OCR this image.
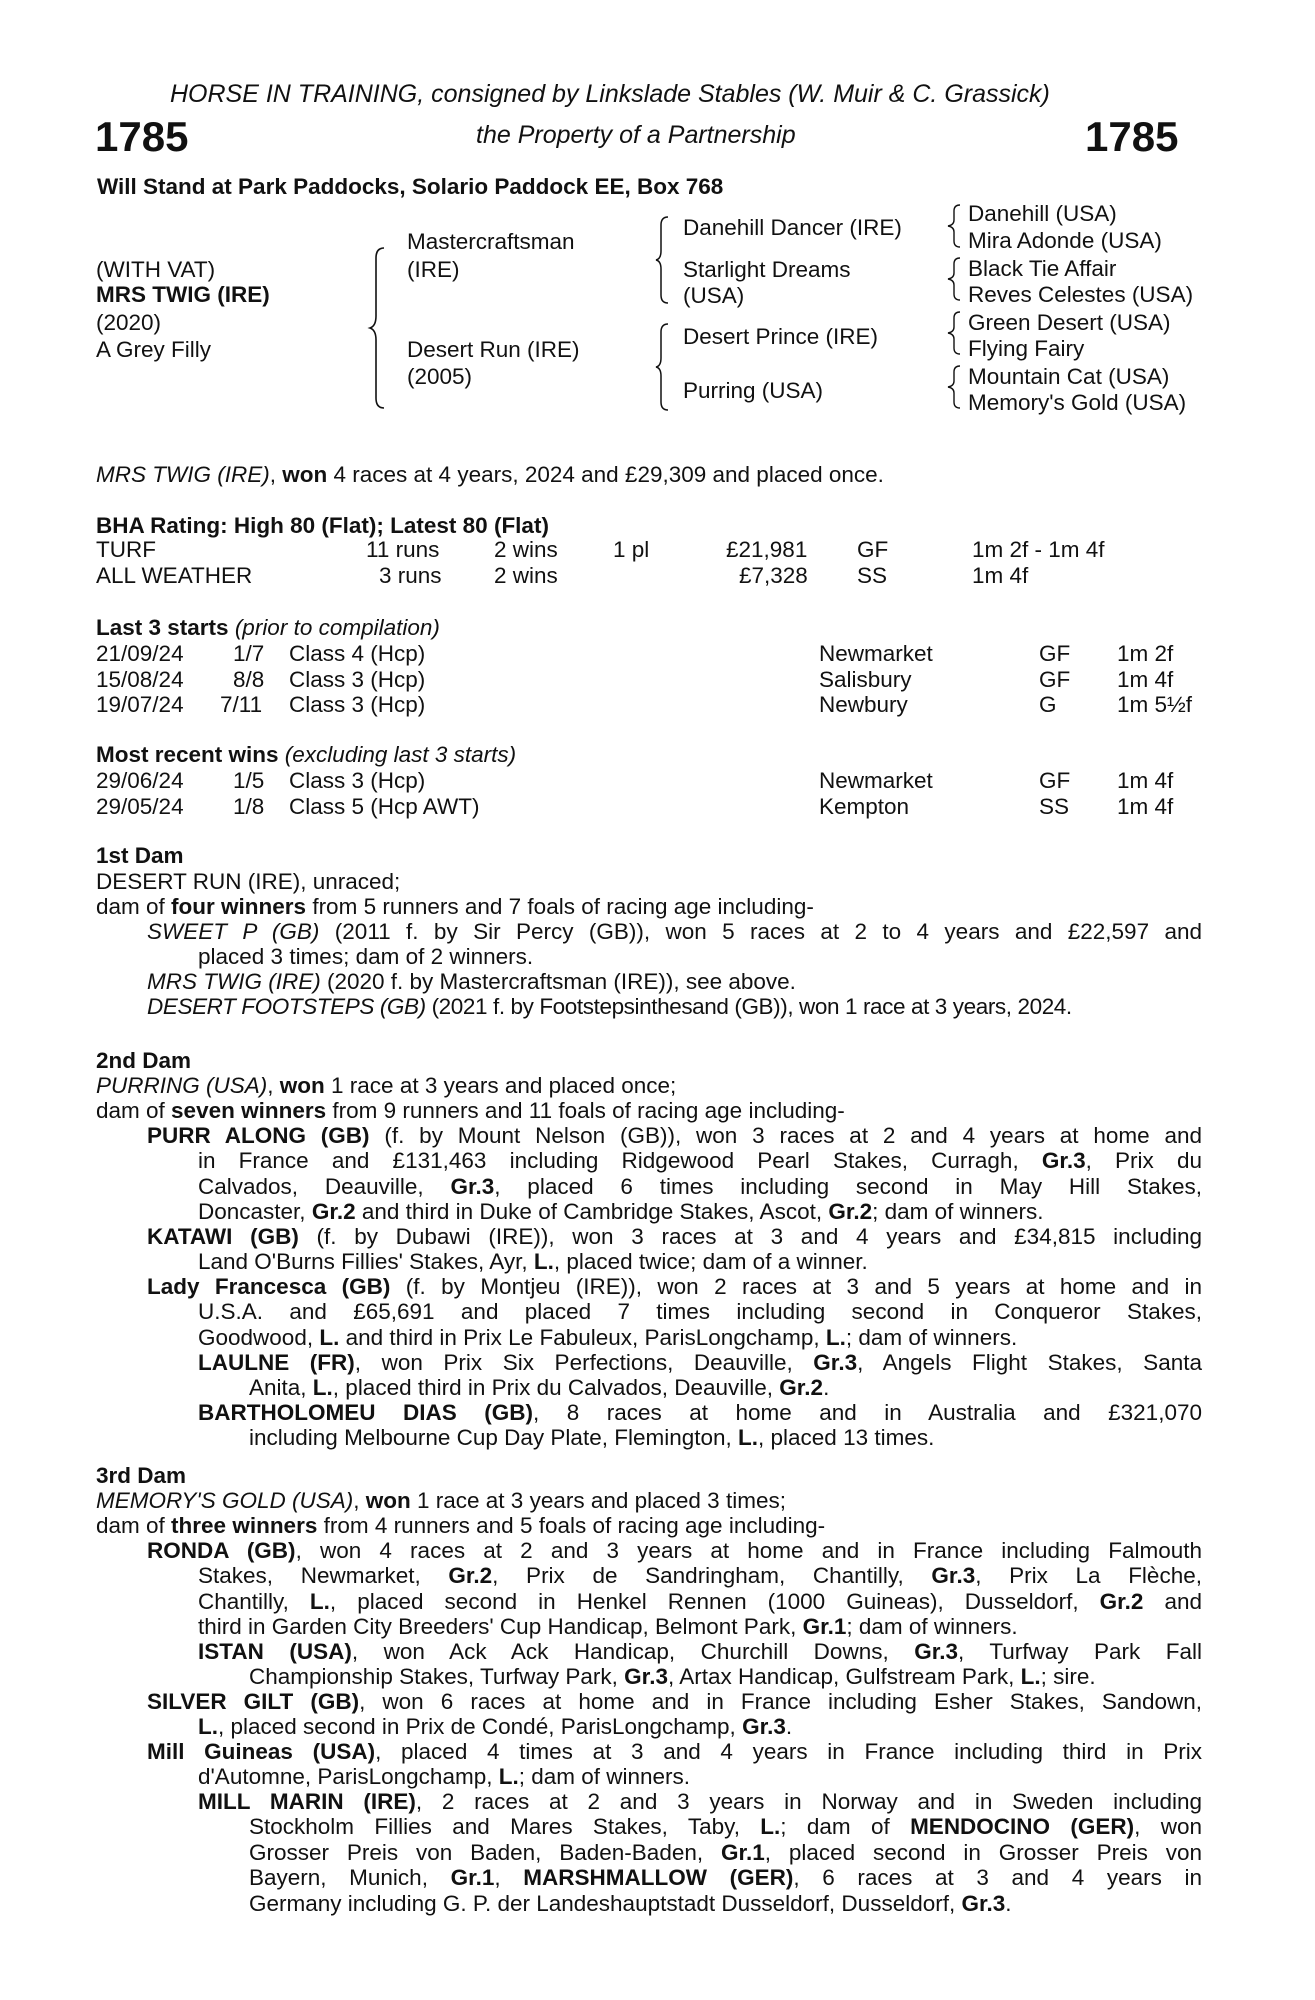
HORSE IN TRAINING, consigned by Linkslade Stables (W. Muir & C. Grassick)
1785	the Property of a Partnership	1785
Will Stand at Park Paddocks, Solario Paddock EE, Box 768
(WITH VAT)
MRS TWIG (IRE)
(2020)
A Grey Filly
Mastercraftsman
(IRE)
Desert Run (IRE)
(2005)
Danehill Dancer (IRE)
Starlight Dreams
(USA)
Desert Prince (IRE)
Purring (USA)
Danehill (USA)
Mira Adonde (USA)
Black Tie Affair
Reves Celestes (USA)
Green Desert (USA)
Flying Fairy
Mountain Cat (USA)
Memory's Gold (USA)
MRS TWIG (IRE), won 4 races at 4 years, 2024 and £29,309 and placed once.
BHA Rating: High 80 (Flat); Latest 80 (Flat)
TURF	11 runs 2 wins 1 pl	£21,981 GF	1m 2f - 1m 4f
ALL WEATHER	3 runs 2 wins	£7,328 SS	1m 4f
Last 3 starts (prior to compilation)
21/09/24 1/7 Class 4 (Hcp)	Newmarket	GF 1m 2f
15/08/24 8/8 Class 3 (Hcp)	Salisbury	GF 1m 4f
19/07/24 7/11 Class 3 (Hcp)	Newbury	G	1m 5½f
Most recent wins (excluding last 3 starts)
29/06/24 1/5 Class 3 (Hcp)	Newmarket	GF 1m 4f
29/05/24 1/8 Class 5 (Hcp AWT)	Kempton	SS 1m 4f
1st Dam
DESERT RUN (IRE), unraced;
dam of four winners from 5 runners and 7 foals of racing age including-
SWEET P (GB) (2011 f. by Sir Percy (GB)), won 5 races at 2 to 4 years and £22,597 and
placed 3 times; dam of 2 winners.
MRS TWIG (IRE) (2020 f. by Mastercraftsman (IRE)), see above.
DESERT FOOTSTEPS (GB) (2021 f. by Footstepsinthesand (GB)), won 1 race at 3 years, 2024.
2nd Dam
PURRING (USA), won 1 race at 3 years and placed once;
dam of seven winners from 9 runners and 11 foals of racing age including-
PURR ALONG (GB) (f. by Mount Nelson (GB)), won 3 races at 2 and 4 years at home and
in France and £131,463 including Ridgewood Pearl Stakes, Curragh, Gr.3, Prix du
Calvados, Deauville, Gr.3, placed 6 times including second in May Hill Stakes,
Doncaster, Gr.2 and third in Duke of Cambridge Stakes, Ascot, Gr.2; dam of winners.
KATAWI (GB) (f. by Dubawi (IRE)), won 3 races at 3 and 4 years and £34,815 including
Land O'Burns Fillies' Stakes, Ayr, L., placed twice; dam of a winner.
Lady Francesca (GB) (f. by Montjeu (IRE)), won 2 races at 3 and 5 years at home and in
U.S.A. and £65,691 and placed 7 times including second in Conqueror Stakes,
Goodwood, L. and third in Prix Le Fabuleux, ParisLongchamp, L.; dam of winners.
LAULNE (FR), won Prix Six Perfections, Deauville, Gr.3, Angels Flight Stakes, Santa
Anita, L., placed third in Prix du Calvados, Deauville, Gr.2.
BARTHOLOMEU DIAS (GB), 8 races at home and in Australia and £321,070
including Melbourne Cup Day Plate, Flemington, L., placed 13 times.
3rd Dam
MEMORY'S GOLD (USA), won 1 race at 3 years and placed 3 times;
dam of three winners from 4 runners and 5 foals of racing age including-
RONDA (GB), won 4 races at 2 and 3 years at home and in France including Falmouth
Stakes, Newmarket, Gr.2, Prix de Sandringham, Chantilly, Gr.3, Prix La Flèche,
Chantilly, L., placed second in Henkel Rennen (1000 Guineas), Dusseldorf, Gr.2 and
third in Garden City Breeders' Cup Handicap, Belmont Park, Gr.1; dam of winners.
ISTAN (USA), won Ack Ack Handicap, Churchill Downs, Gr.3, Turfway Park Fall
Championship Stakes, Turfway Park, Gr.3, Artax Handicap, Gulfstream Park, L.; sire.
SILVER GILT (GB), won 6 races at home and in France including Esher Stakes, Sandown,
L., placed second in Prix de Condé, ParisLongchamp, Gr.3.
Mill Guineas (USA), placed 4 times at 3 and 4 years in France including third in Prix
d'Automne, ParisLongchamp, L.; dam of winners.
MILL MARIN (IRE), 2 races at 2 and 3 years in Norway and in Sweden including
Stockholm Fillies and Mares Stakes, Taby, L.; dam of MENDOCINO (GER), won
Grosser Preis von Baden, Baden-Baden, Gr.1, placed second in Grosser Preis von
Bayern, Munich, Gr.1, MARSHMALLOW (GER), 6 races at 3 and 4 years in
Germany including G. P. der Landeshauptstadt Dusseldorf, Dusseldorf, Gr.3.
